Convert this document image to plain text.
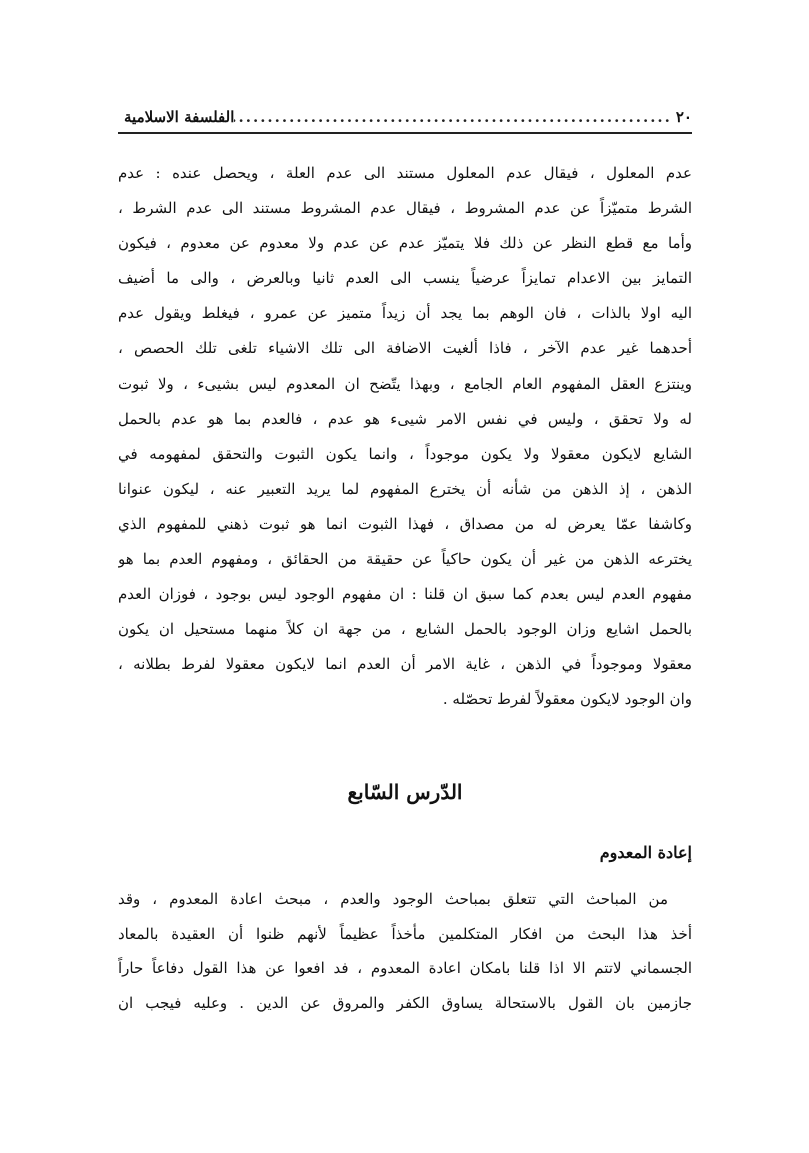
٢٠
.....
الفلسفة الاسلامية
عدم المعلول ، فيقال عدم المعلول مستند الى عدم العلة ، ويحصل عنده : عدم
الشرط متميّزاً عن عدم المشروط ، فيقال عدم المشروط مستند الى عدم الشرط ،
وأما مع قطع النظر عن ذلك فلا يتميّز عدم عن عدم ولا معدوم عن معدوم ، فيكون
التمايز بين الاعدام تمايزاً عرضياً ينسب الى العدم ثانيا وبالعرض ، والى ما أضيف
اليه اولا بالذات ، فان الوهم بما يجد أن زيداً متميز عن عمرو ، فيغلط ويقول عدم
أحدهما غير عدم الآخر ، فاذا ألغيت الاضافة الى تلك الاشياء تلغى تلك الحصص ،
وينتزع العقل المفهوم العام الجامع ، وبهذا يتّضح ان المعدوم ليس بشيىء ، ولا ثبوت
له ولا تحقق ، وليس في نفس الامر شيىء هو عدم ، فالعدم بما هو عدم بالحمل
الشايع لايكون معقولا ولا يكون موجوداً ، وانما يكون الثبوت والتحقق لمفهومه في
الذهن ، إذ الذهن من شأنه أن يخترع المفهوم لما يريد التعبير عنه ، ليكون عنوانا
وكاشفا عمّا يعرض له من مصداق ، فهذا الثبوت انما هو ثبوت ذهني للمفهوم الذي
يخترعه الذهن من غير أن يكون حاكياً عن حقيقة من الحقائق ، ومفهوم العدم بما هو
مفهوم العدم ليس بعدم كما سبق ان قلنا : ان مفهوم الوجود ليس بوجود ، فوزان العدم
بالحمل اشايع وزان الوجود بالحمل الشايع ، من جهة ان كلاً منهما مستحيل ان يكون
معقولا وموجوداً في الذهن ، غاية الامر أن العدم انما لايكون معقولا لفرط بطلانه ،
وان الوجود لايكون معقولاً لفرط تحصّله .
الدّرس السّابع
إعادة المعدوم
من المباحث التي تتعلق بمباحث الوجود والعدم ، مبحث اعادة المعدوم ، وقد
أخذ هذا البحث من افكار المتكلمين مأخذاً عظيماً لأنهم ظنوا أن العقيدة بالمعاد
الجسماني لاتتم الا اذا قلنا بامكان اعادة المعدوم ، فد افعوا عن هذا القول دفاعاً حاراً
جازمين بان القول بالاستحالة يساوق الكفر والمروق عن الدين . وعليه فيجب ان
